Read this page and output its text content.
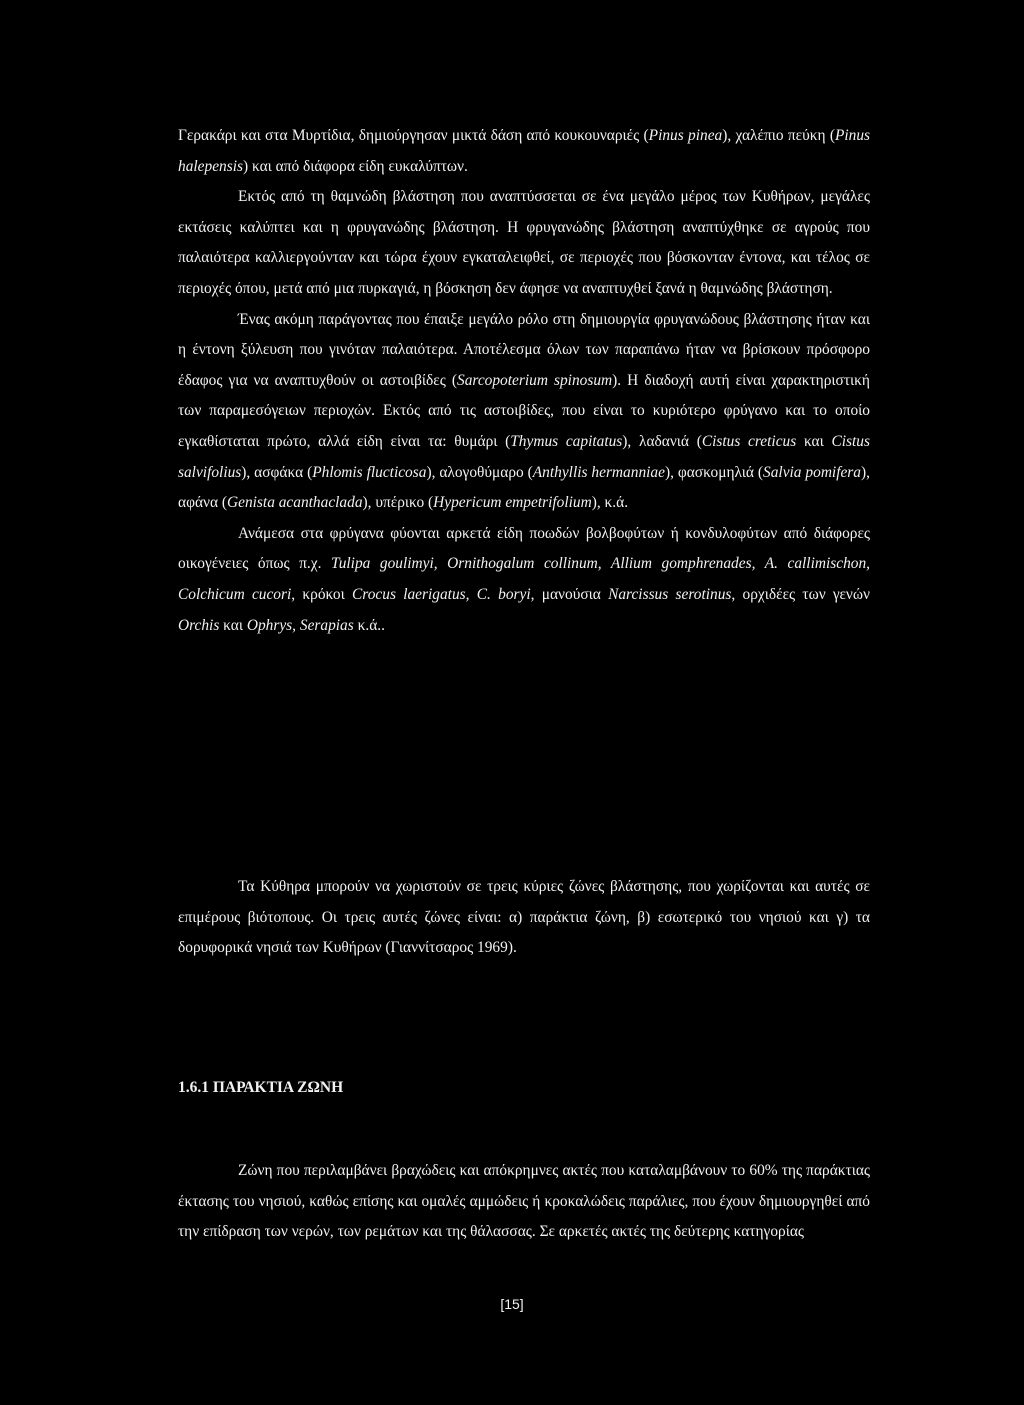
Γερακάρι και στα Μυρτίδια, δημιούργησαν μικτά δάση από κουκουναριές (Pinus pinea), χαλέπιο πεύκη (Pinus halepensis) και από διάφορα είδη ευκαλύπτων.

Εκτός από τη θαμνώδη βλάστηση που αναπτύσσεται σε ένα μεγάλο μέρος των Κυθήρων, μεγάλες εκτάσεις καλύπτει και η φρυγανώδης βλάστηση. Η φρυγανώδης βλάστηση αναπτύχθηκε σε αγρούς που παλαιότερα καλλιεργούνταν και τώρα έχουν εγκαταλειφθεί, σε περιοχές που βόσκονταν έντονα, και τέλος σε περιοχές όπου, μετά από μια πυρκαγιά, η βόσκηση δεν άφησε να αναπτυχθεί ξανά η θαμνώδης βλάστηση.

Ένας ακόμη παράγοντας που έπαιξε μεγάλο ρόλο στη δημιουργία φρυγανώδους βλάστησης ήταν και η έντονη ξύλευση που γινόταν παλαιότερα. Αποτέλεσμα όλων των παραπάνω ήταν να βρίσκουν πρόσφορο έδαφος για να αναπτυχθούν οι αστοιβίδες (Sarcopoterium spinosum). Η διαδοχή αυτή είναι χαρακτηριστική των παραμεσόγειων περιοχών. Εκτός από τις αστοιβίδες, που είναι το κυριότερο φρύγανο και το οποίο εγκαθίσταται πρώτο, αλλά είδη είναι τα: θυμάρι (Thymus capitatus), λαδανιά (Cistus creticus και Cistus salvifolius), ασφάκα (Phlomis flucticosa), αλογοθύμαρο (Anthyllis hermanniae), φασκομηλιά (Salvia pomifera), αφάνα (Genista acanthaclada), υπέρικο (Hypericum empetrifolium), κ.ά.

Ανάμεσα στα φρύγανα φύονται αρκετά είδη ποωδών βολβοφύτων ή κονδυλοφύτων από διάφορες οικογένειες όπως π.χ. Tulipa goulimyi, Ornithogalum collinum, Allium gomphrenades, A. callimischon, Colchicum cucori, κρόκοι Crocus laerigatus, C. boryi, μανούσια Narcissus serotinus, ορχιδέες των γενών Orchis και Ophrys, Serapias κ.ά..

Τα Κύθηρα μπορούν να χωριστούν σε τρεις κύριες ζώνες βλάστησης, που χωρίζονται και αυτές σε επιμέρους βιότοπους. Οι τρεις αυτές ζώνες είναι: α) παράκτια ζώνη, β) εσωτερικό του νησιού και γ) τα δορυφορικά νησιά των Κυθήρων (Γιαννίτσαρος 1969).

1.6.1 ΠΑΡΑΚΤΙΑ ΖΩΝΗ

Ζώνη που περιλαμβάνει βραχώδεις και απόκρημνες ακτές που καταλαμβάνουν το 60% της παράκτιας έκτασης του νησιού, καθώς επίσης και ομαλές αμμώδεις ή κροκαλώδεις παράλιες, που έχουν δημιουργηθεί από την επίδραση των νερών, των ρεμάτων και της θάλασσας. Σε αρκετές ακτές της δεύτερης κατηγορίας

[15]
